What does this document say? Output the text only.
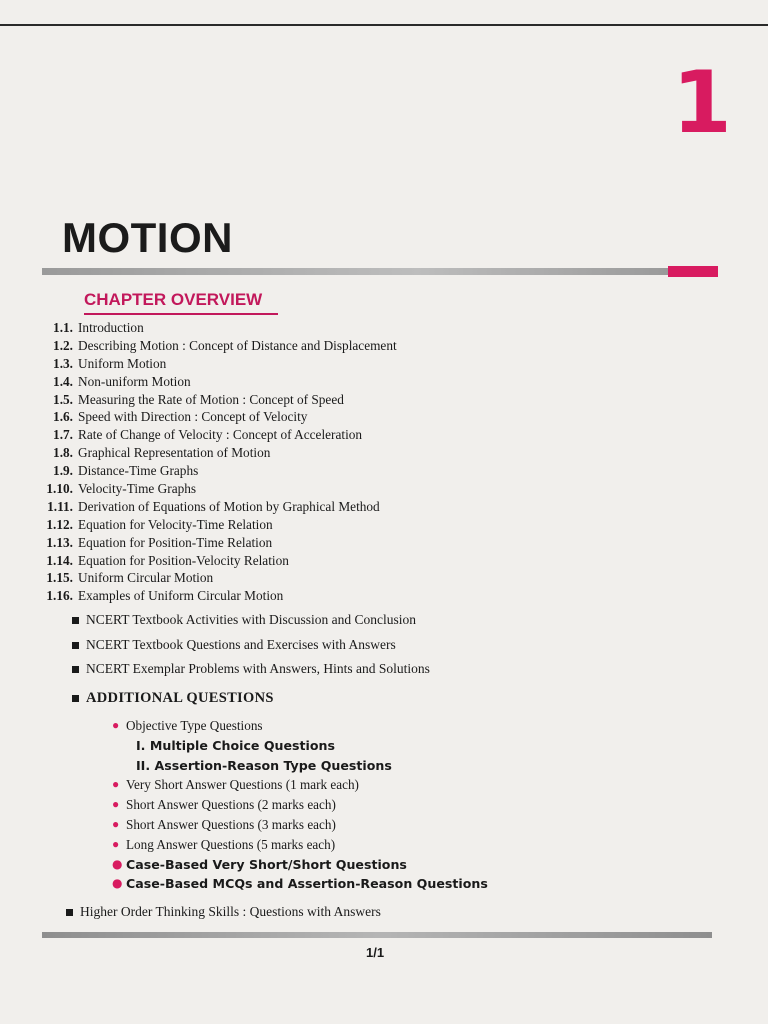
1
MOTION
CHAPTER OVERVIEW
1.1. Introduction
1.2. Describing Motion : Concept of Distance and Displacement
1.3. Uniform Motion
1.4. Non-uniform Motion
1.5. Measuring the Rate of Motion : Concept of Speed
1.6. Speed with Direction : Concept of Velocity
1.7. Rate of Change of Velocity : Concept of Acceleration
1.8. Graphical Representation of Motion
1.9. Distance-Time Graphs
1.10. Velocity-Time Graphs
1.11. Derivation of Equations of Motion by Graphical Method
1.12. Equation for Velocity-Time Relation
1.13. Equation for Position-Time Relation
1.14. Equation for Position-Velocity Relation
1.15. Uniform Circular Motion
1.16. Examples of Uniform Circular Motion
NCERT Textbook Activities with Discussion and Conclusion
NCERT Textbook Questions and Exercises with Answers
NCERT Exemplar Problems with Answers, Hints and Solutions
ADDITIONAL QUESTIONS
● Objective Type Questions
I. Multiple Choice Questions
II. Assertion-Reason Type Questions
● Very Short Answer Questions (1 mark each)
● Short Answer Questions (2 marks each)
● Short Answer Questions (3 marks each)
● Long Answer Questions (5 marks each)
● Case-Based Very Short/Short Questions
● Case-Based MCQs and Assertion-Reason Questions
Higher Order Thinking Skills : Questions with Answers
1/1
